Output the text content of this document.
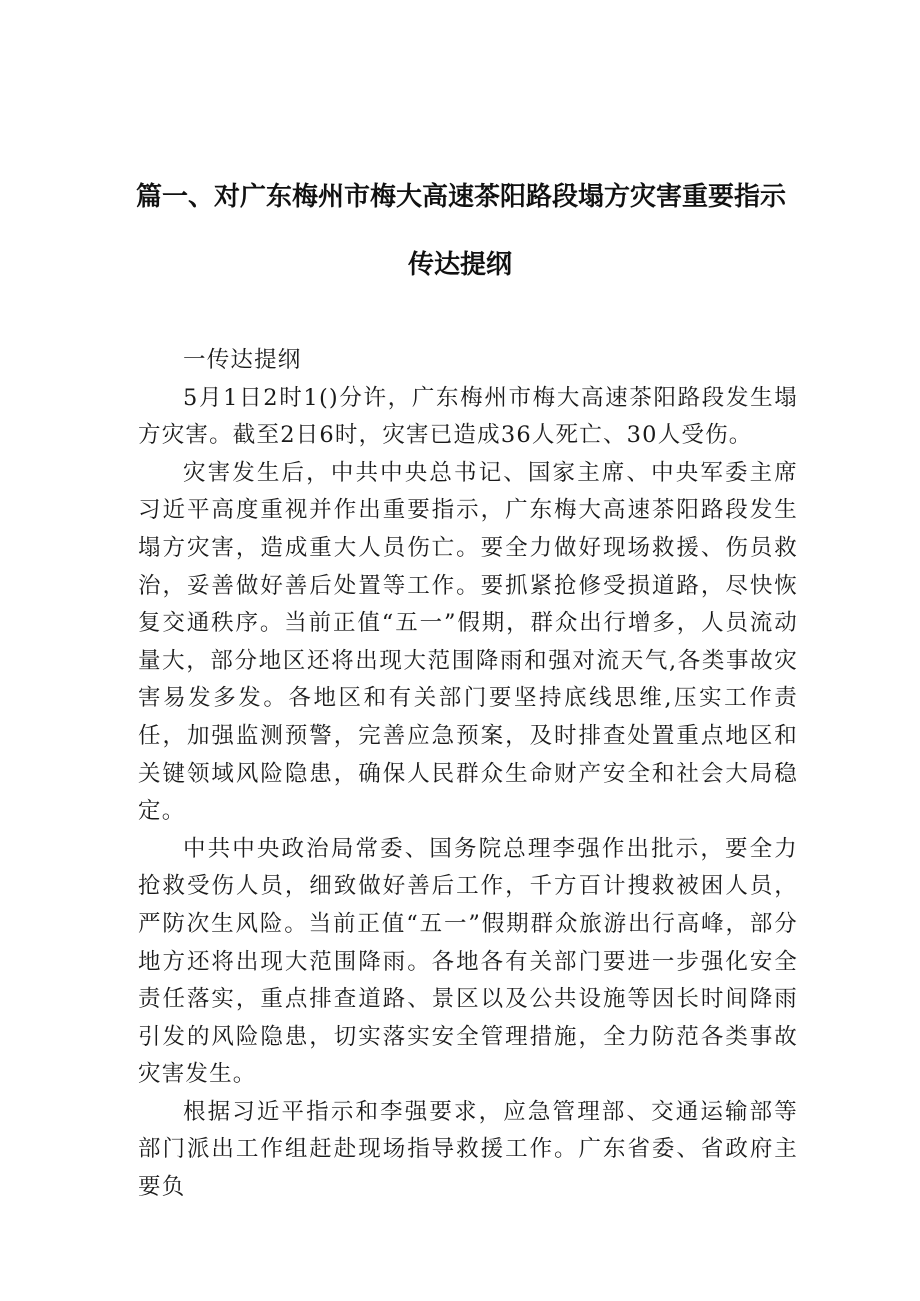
篇一、对广东梅州市梅大高速茶阳路段塌方灾害重要指示
传达提纲

一传达提纲

5月1日2时1()分许，广东梅州市梅大高速茶阳路段发生塌方灾害。截至2日6时，灾害已造成36人死亡、30人受伤。

灾害发生后，中共中央总书记、国家主席、中央军委主席习近平高度重视并作出重要指示，广东梅大高速茶阳路段发生塌方灾害，造成重大人员伤亡。要全力做好现场救援、伤员救治，妥善做好善后处置等工作。要抓紧抢修受损道路，尽快恢复交通秩序。当前正值“五一”假期，群众出行增多，人员流动量大，部分地区还将出现大范围降雨和强对流天气,各类事故灾害易发多发。各地区和有关部门要坚持底线思维,压实工作责任，加强监测预警，完善应急预案，及时排查处置重点地区和关键领域风险隐患，确保人民群众生命财产安全和社会大局稳定。

中共中央政治局常委、国务院总理李强作出批示，要全力抢救受伤人员，细致做好善后工作，千方百计搜救被困人员，严防次生风险。当前正值“五一”假期群众旅游出行高峰，部分地方还将出现大范围降雨。各地各有关部门要进一步强化安全责任落实，重点排查道路、景区以及公共设施等因长时间降雨引发的风险隐患，切实落实安全管理措施，全力防范各类事故灾害发生。

根据习近平指示和李强要求，应急管理部、交通运输部等部门派出工作组赶赴现场指导救援工作。广东省委、省政府主要负
